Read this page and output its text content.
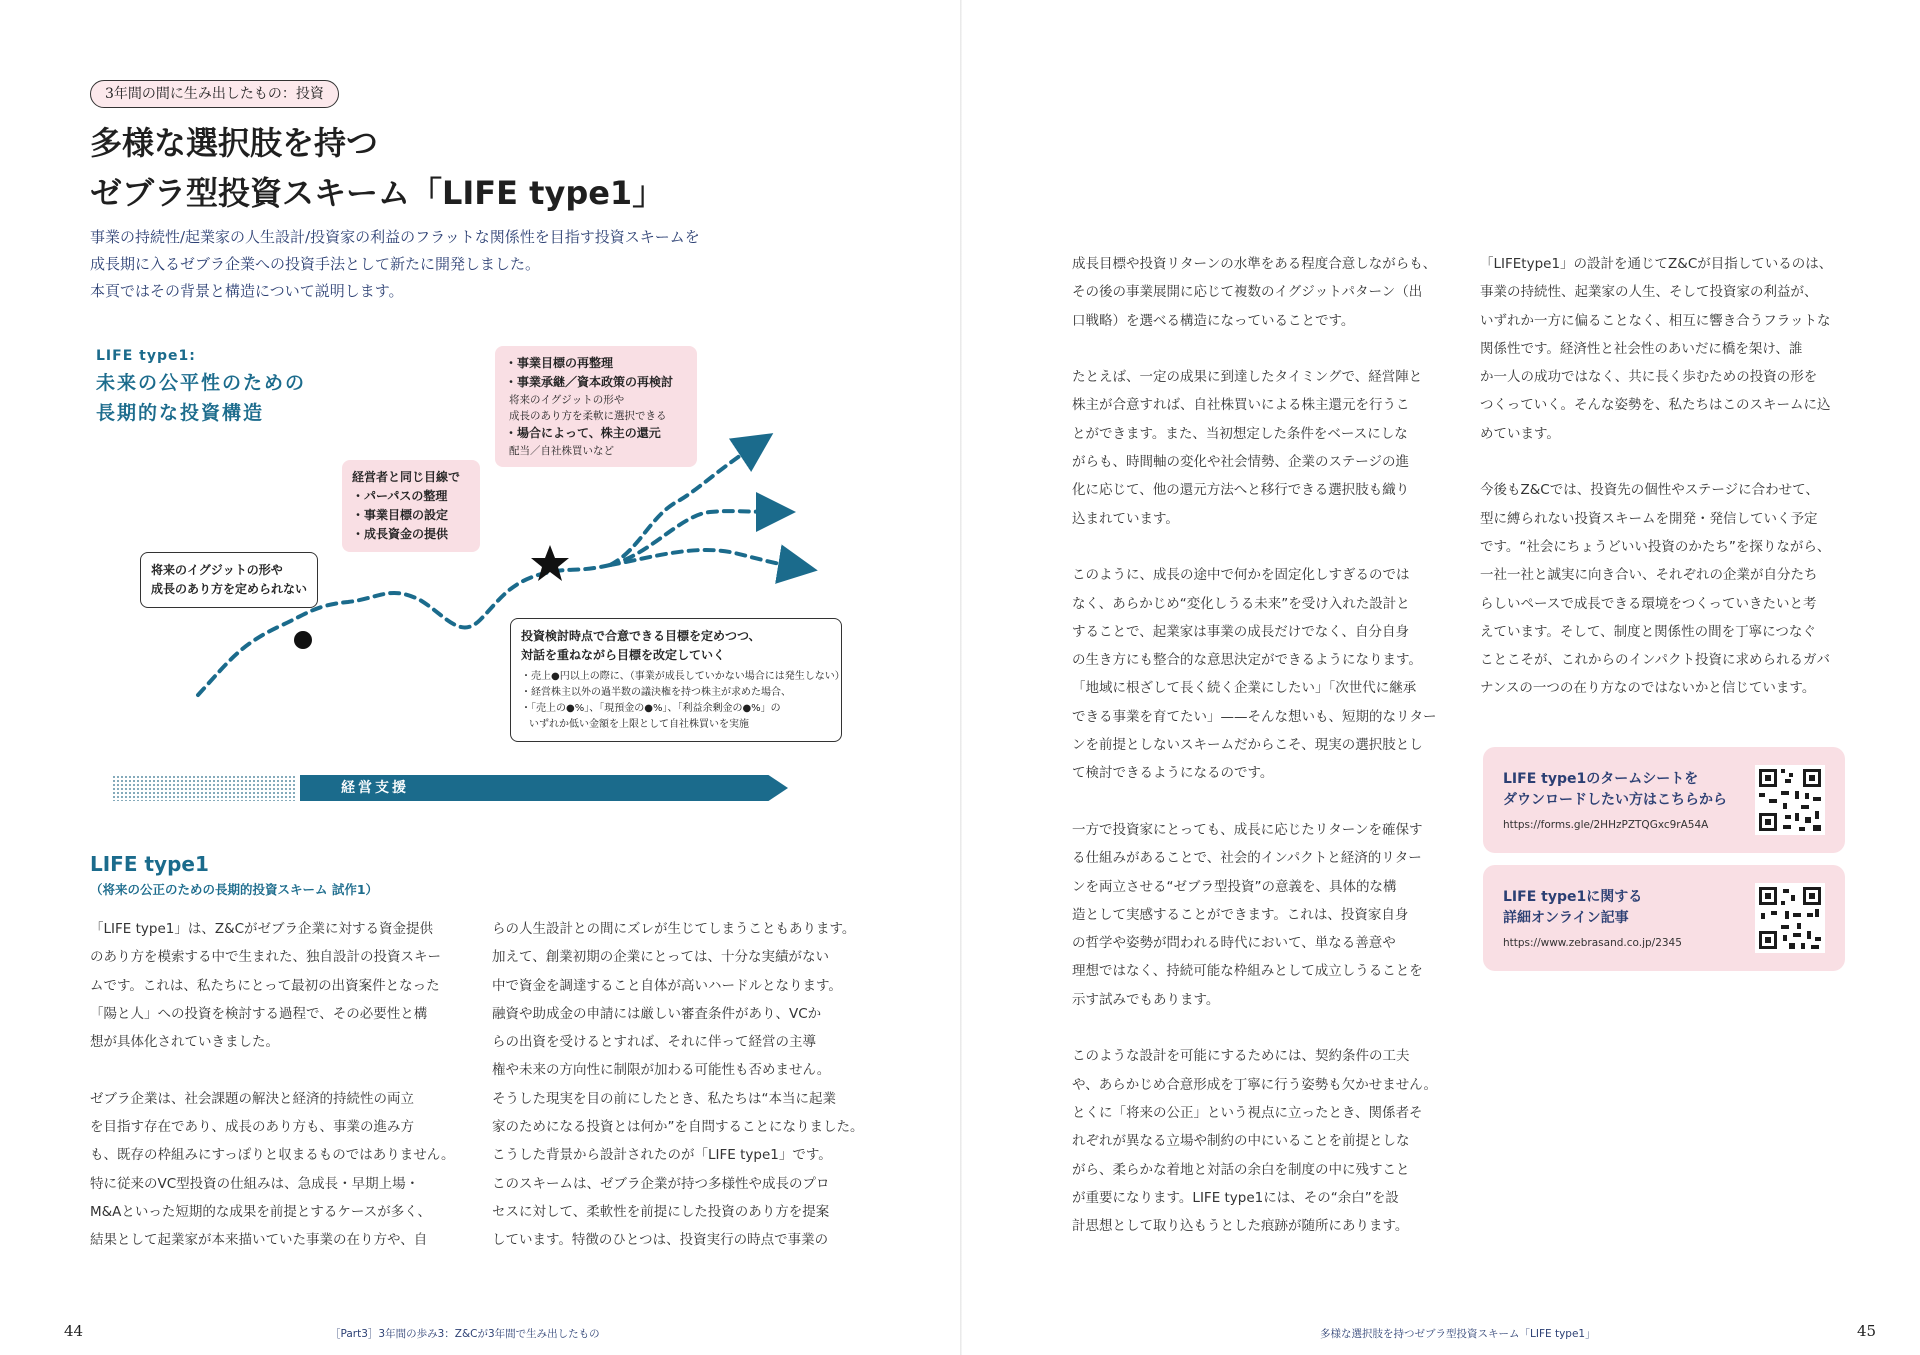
3年間の間に生み出したもの：投資
多様な選択肢を持つ
ゼブラ型投資スキーム「LIFE type1」
事業の持続性/起業家の人生設計/投資家の利益のフラットな関係性を目指す投資スキームを
成長期に入るゼブラ企業への投資手法として新たに開発しました。
本頁ではその背景と構造について説明します。
LIFE type1:
未来の公平性のための
長期的な投資構造
将来のイグジットの形や
成長のあり方を定められない
経営者と同じ目線で
・パーパスの整理
・事業目標の設定
・成長資金の提供
・事業目標の再整理
・事業承継／資本政策の再検討
将来のイグジットの形や
成長のあり方を柔軟に選択できる
・場合によって、株主の還元
配当／自社株買いなど
投資検討時点で合意できる目標を定めつつ、
対話を重ねながら目標を改定していく
・売上●円以上の際に、（事業が成長していかない場合には発生しない）
・経営株主以外の過半数の議決権を持つ株主が求めた場合、
・「売上の●%」、「現預金の●%」、「利益余剰金の●%」の
いずれか低い金額を上限として自社株買いを実施
経営支援
LIFE type1
（将来の公正のための長期的投資スキーム 試作1）
「LIFE type1」は、Z&Cがゼブラ企業に対する資金提供
のあり方を模索する中で生まれた、独自設計の投資スキー
ムです。これは、私たちにとって最初の出資案件となった
「陽と人」への投資を検討する過程で、その必要性と構
想が具体化されていきました。
ゼブラ企業は、社会課題の解決と経済的持続性の両立
を目指す存在であり、成長のあり方も、事業の進み方
も、既存の枠組みにすっぽりと収まるものではありません。
特に従来のVC型投資の仕組みは、急成長・早期上場・
M&Aといった短期的な成果を前提とするケースが多く、
結果として起業家が本来描いていた事業の在り方や、自
らの人生設計との間にズレが生じてしまうこともあります。
加えて、創業初期の企業にとっては、十分な実績がない
中で資金を調達すること自体が高いハードルとなります。
融資や助成金の申請には厳しい審査条件があり、VCか
らの出資を受けるとすれば、それに伴って経営の主導
権や未来の方向性に制限が加わる可能性も否めません。
そうした現実を目の前にしたとき、私たちは“本当に起業
家のためになる投資とは何か”を自問することになりました。
こうした背景から設計されたのが「LIFE type1」です。
このスキームは、ゼブラ企業が持つ多様性や成長のプロ
セスに対して、柔軟性を前提にした投資のあり方を提案
しています。特徴のひとつは、投資実行の時点で事業の
44	［Part3］3年間の歩み3：Z&Cが3年間で生み出したもの
成長目標や投資リターンの水準をある程度合意しながらも、
その後の事業展開に応じて複数のイグジットパターン（出
口戦略）を選べる構造になっていることです。
たとえば、一定の成果に到達したタイミングで、経営陣と
株主が合意すれば、自社株買いによる株主還元を行うこ
とができます。また、当初想定した条件をベースにしな
がらも、時間軸の変化や社会情勢、企業のステージの進
化に応じて、他の還元方法へと移行できる選択肢も織り
込まれています。
このように、成長の途中で何かを固定化しすぎるのでは
なく、あらかじめ“変化しうる未来”を受け入れた設計と
することで、起業家は事業の成長だけでなく、自分自身
の生き方にも整合的な意思決定ができるようになります。
「地域に根ざして長く続く企業にしたい」「次世代に継承
できる事業を育てたい」——そんな想いも、短期的なリター
ンを前提としないスキームだからこそ、現実の選択肢とし
て検討できるようになるのです。
一方で投資家にとっても、成長に応じたリターンを確保す
る仕組みがあることで、社会的インパクトと経済的リター
ンを両立させる“ゼブラ型投資”の意義を、具体的な構
造として実感することができます。これは、投資家自身
の哲学や姿勢が問われる時代において、単なる善意や
理想ではなく、持続可能な枠組みとして成立しうることを
示す試みでもあります。
このような設計を可能にするためには、契約条件の工夫
や、あらかじめ合意形成を丁寧に行う姿勢も欠かせません。
とくに「将来の公正」という視点に立ったとき、関係者そ
れぞれが異なる立場や制約の中にいることを前提としな
がら、柔らかな着地と対話の余白を制度の中に残すこと
が重要になります。LIFE type1には、その“余白”を設
計思想として取り込もうとした痕跡が随所にあります。
「LIFEtype1」の設計を通じてZ&Cが目指しているのは、
事業の持続性、起業家の人生、そして投資家の利益が、
いずれか一方に偏ることなく、相互に響き合うフラットな
関係性です。経済性と社会性のあいだに橋を架け、誰
か一人の成功ではなく、共に長く歩むための投資の形を
つくっていく。そんな姿勢を、私たちはこのスキームに込
めています。
今後もZ&Cでは、投資先の個性やステージに合わせて、
型に縛られない投資スキームを開発・発信していく予定
です。“社会にちょうどいい投資のかたち”を探りながら、
一社一社と誠実に向き合い、それぞれの企業が自分たち
らしいペースで成長できる環境をつくっていきたいと考
えています。そして、制度と関係性の間を丁寧につなぐ
ことこそが、これからのインパクト投資に求められるガバ
ナンスの一つの在り方なのではないかと信じています。
45
多様な選択肢を持つゼブラ型投資スキーム「LIFE type1」
LIFE type1のタームシートを
ダウンロードしたい方はこちらから
https://forms.gle/2HHzPZTQGxc9rA54A
LIFE type1に関する
詳細オンライン記事
https://www.zebrasand.co.jp/2345
